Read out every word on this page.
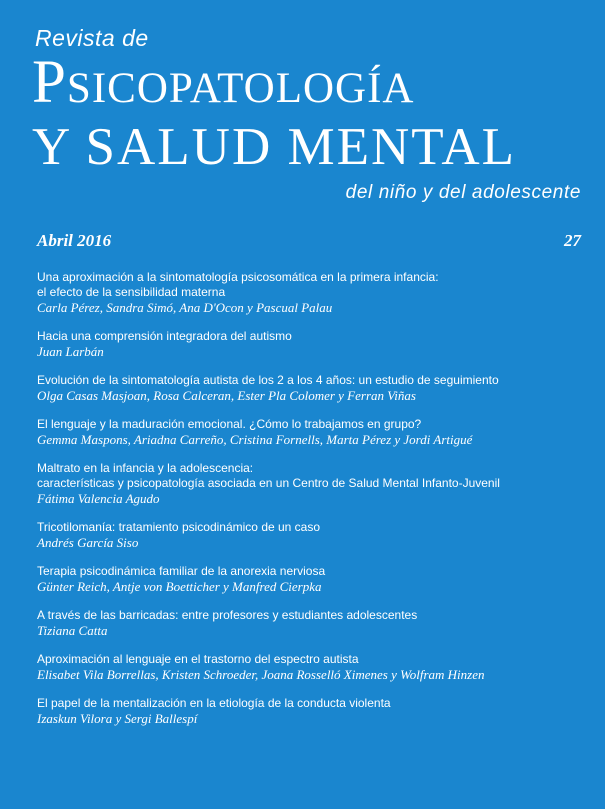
Revista de
Psicopatología
Y SALUD MENTAL
del niño y del adolescente
Abril 2016	27
Una aproximación a la sintomatología psicosomática en la primera infancia:
el efecto de la sensibilidad materna
Carla Pérez, Sandra Simó, Ana D'Ocon y Pascual Palau
Hacia una comprensión integradora del autismo
Juan Larbán
Evolución de la sintomatología autista de los 2 a los 4 años: un estudio de seguimiento
Olga Casas Masjoan, Rosa Calceran, Ester Pla Colomer y Ferran Viñas
El lenguaje y la maduración emocional. ¿Cómo lo trabajamos en grupo?
Gemma Maspons, Ariadna Carreño, Cristina Fornells, Marta Pérez y Jordi Artigué
Maltrato en la infancia y la adolescencia:
características y psicopatología asociada en un Centro de Salud Mental Infanto-Juvenil
Fátima Valencia Agudo
Tricotilomanía: tratamiento psicodinámico de un caso
Andrés García Siso
Terapia psicodinámica familiar de la anorexia nerviosa
Günter Reich, Antje von Boetticher y Manfred Cierpka
A través de las barricadas: entre profesores y estudiantes adolescentes
Tiziana Catta
Aproximación al lenguaje en el trastorno del espectro autista
Elisabet Vila Borrellas, Kristen Schroeder, Joana Rosselló Ximenes y Wolfram Hinzen
El papel de la mentalización en la etiología de la conducta violenta
Izaskun Vilora y Sergi Ballespí
